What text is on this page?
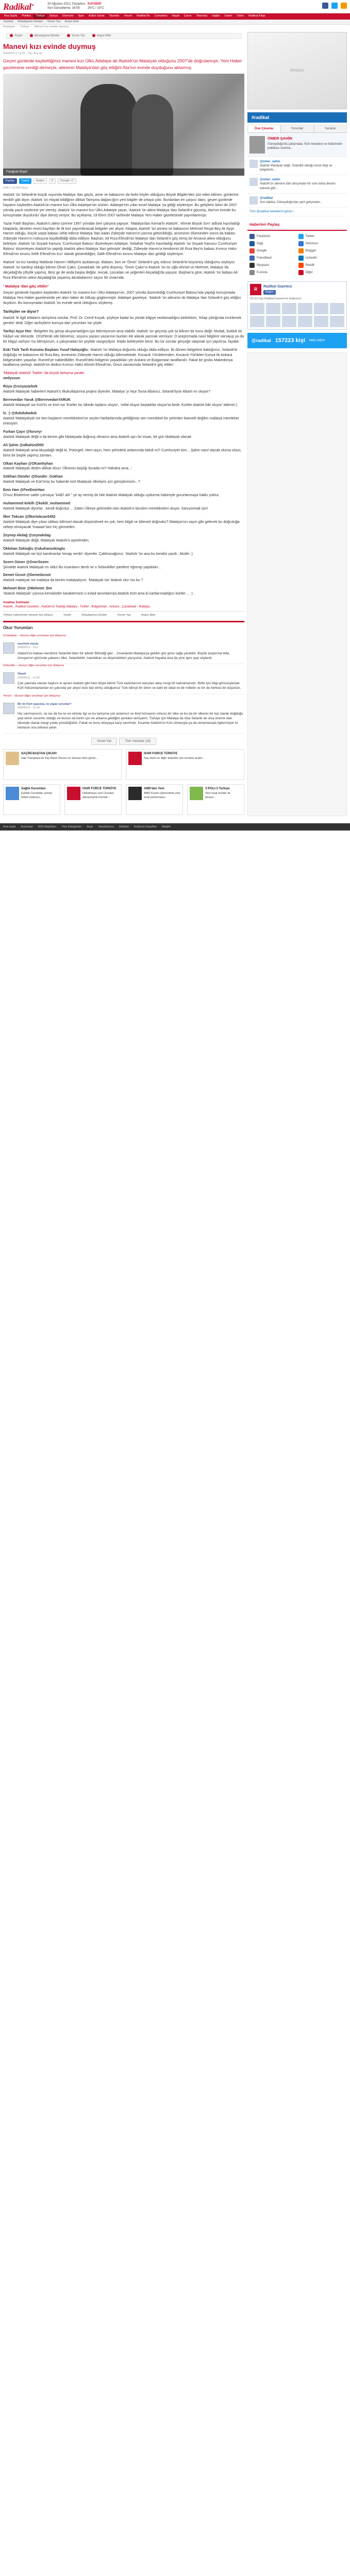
Radikal✦	20 Ağustos 2012, Pazartesi
Son Güncelleme: 16:55
KAYSERİ
26°C / 15°C
Ana Sayfa	Politika	Türkiye	Dünya	Ekonomi	Spor	Kültür Sanat	Yazarlar	Yorum	Radikal İki	Cumartesi	Hayat	Çevre	Teknoloji	Sağlık	Galeri	Video	Radikal Kitap
Yazarlar Arkadaşıma Gönder Yorum Yaz Arşive Ekle
Anasayfa › Türkiye › Manevi kızı evinde duymuş
Yazdır	Arkadaşıma Gönder	Yorum Yaz	Arşive Ekle
Manevi kızı evinde duymuş
20/08/2012 13:45 Yazı Boyutu
Geçen günlerde kaybettiğimiz manevi kızı Ülkü Adatepe de Atatürk'ün Malatyalı olduğunu 2007'de doğrulamıştı. Yeni Haber gazetesine verdiği demeçte, ailesinin Malatya'dan göç ettiğini Ata'nın evinde duyduğunu aktarmış.
Fotoğrafı Büyüt
Paylaş	Tweet	Beğen	0	Google +1
DAİLY LEVEN Ayşe

Atatürk 'ün Selanik'te küçük soyunda Malatya 'dan göçtü, anne ve babasının da farklı köyler olduğunu Büyük Bilgiler'den söz eden bilinen, günlerine tembih gibi diyor. Atatürk 'ün Hayati bildiğinin dikkat Tartışma dağarcığını yeni bilgiler de ortaya çıktı. Bunlardan en çarpıcı olanı, geçen günlerde hayatını kaybeden Atatürk'ün manevi kızı Ülkü Adatepe'nin sözleri. Adatepe'nin yıllar evvel Malatya 'ya gittiği söyleniyor. Bu gelişlerin birini de 2007 yılında yazılı sözlerine yer vermiş. Atatürk 'ün manevi kızı Ülkü Adatepe yazar, 'Atatürk 'ün ailesi Malatya 'dan Selanik'e göçmüş. Ata'nın evinde bu konuşmalar duyulurdu' diye dönüş veriyor. Bu açıklama, 19 Ekim 2007 tarihinde Malatya Yeni Haber gazetesinde yayımlanmıştı.

Yazar Fatih Başhan, Atatürk'ü ailesi üzerine 1997 yılından beri çalışma yapıyor. 'Malatya'dan Kemal'in Atatürk', 'Ahmet Büyük Sırrı' adlıyla hazırladığı kitaplarla, devletin resmi kayıtları ile ilk kez yayımlanacak belgeler yer alıyor. Kitapta, Atatürk 'ün annesi ve babasının Mehmet Reşat Bey ile Ayşe Hanım olduğu, küçük yaşta babası vefat edince Malatya 'dan kalan Zübeyde Hanım'ın yanına götürüldüğü, annesinin ölümünden sonra da babası Zübeyde Hanım'ın nüfusuna kaydedildiği iddia ediliyor. Başhan, Ali Rıza Efendi'nin Malatya 'dan Selanik'e göç etmiş bir Arnavut ailesi olduğunu belirtiyor. Atatürk 'ün Soyadı Kanunu 'Cumhuriyet Balosu' düzenleyen Adatepe, Sebahat Yeşil'in hazırladığı Atatürk 'ün Soyadı Kanunu 'Cumhuriyet Balosu' düzenleyen Atatürk'ün yaptığı Atatürk ailesi Malatya 'dan gelmiştir' dediği, Zübeyde Hanım'a kendisinin Ali Rıza Bey'in babası Kırmızı Hafız Efendi'nin torunu Selih Efendi'nin kızı' olarak gösterildiğini; Salih Efendi'nin torunu Malatya 'dan geldiği söyleniyor.

Atatürk 'ün kız kardeşi Makbule Hanım'ı Milliyet'e açıklamıştı: Babam, ben ve 'Ömer' Selanik'e göç edince Selanik'te büyümüş olduğumu söylüyor. Atatürk 'ün kardeşi olduğu bilinen Ömer Çakır, Çanakkale 'de şehit düşmüş. 'Ömer Çakır'ın Atatürk 'ün öz oğlu Ahmet ve Mehmet, Malatya 'da Akçadağ'da çiftçilik yapmış. Biriz ge de anda başka değiliz. Ancak, çocukları ve yeğenleri Akçadağ'da yaşıyor. Başhan'a göre, Atatürk 'ün babası Ali Rıza Efendi'nin ailesi Akçadağ'da yaşamış akrabalarının sayısı 50 civarında.

' Malatya 'dan göç ettiler'

Geçen günlerde hayatını kaybeden Atatürk 'ün manevi kızı Ülkü Adatepe'nin, 2007 yılında düzenlediği Cumhuriyet Balosu'nda yaptığı konuşmada Malatya Yeni Haber gazetesinde yer alan haber de lütfuay güglenmiştir. Adatepe gazeteye, 'Atatürk 'ün ailesinin de Malatya 'dan Selanik'e göç ettiğini duydum. Bu konuşmaları Atatürk 'ün evinde tanık olduğunu söylemiş.

Tarihçiler ne diyor?

Atatürk 'le ilgili kitlaların tartışılma sorular, Prof. Dr. Cemil Koçak, şöyleye kadar bu yönde bilgiye rastlamadığını belirtirken, 'Kitap çıktığında incelemek gerekir' dedi. Diğer tarihçilerin konuya dair yorumları ise şöyle:

Tarihçi Ayşe Hür: 'Belgeleri hiç görüp okuyamadığım için bilemiyorum ama olabilir. Atatürk 'ün geçmişi çok iyi bilinen bir konu değil. Mutlak, bulduk bir hikâye var elimizde. 1918'lerde site bilmemiz, soyunu yazanı yazarının bunları ele alarak yazmak vermiyor. O araştırmada nasıl bilgilere varsayıp ya da bir bilgiyi varlıyor mu bilmiyorum, o çalışmadan bir şeylide vazgeçiliyor. Kitabı bekleyelim beriz. Bu tür sorular gerçeğe ulaşmak için yapılırsa, faydalı.'

Eski Türk Tarih Kurumu Başkanı Yusuf Halaçoğlu: 'Atatürk 'ün Malatya doğumlu olduğu iddia ediliyor. İki dönem belgelere baktığımız, Selanik'te doğduğu ve babasının Ali Rıza Bey, annesinin Zübeyde Hanım olduğu bilinmektedir. Kocacık Yörüklerinden, Kocacık Yörükleri Konya ile Ankara bölgesinden yaşarlar. Rumeli'ye nakledildiler. Rumeli'deki bölgenin yaşadıkları yer Ankara ve Bulgaristan taraflarıdır. Fakat bir grubu Makedonya taraflarına yerleşti. Atatürk'ün dedesi Kırmızı Hafız Ahmet Efendi'nin, Onun zamanında Selanik'e göç ettiler.'

'Malatyalı Atatürk' Twitter 'da büyük tartışma yarattı
nedyosun

Rüya @rusyazarbek
Atatürk Malatyalı haberleri! Atatürk'ü Ilkokullaştırma projesi diyenler, Malatya 'yı hiçe 'buna itibarsız, Selanik'liyse itibarlı mı oluyor?

Berrevedan Yaruk @BerrevedanYARUK
Atatürk Malatyalı ise Kürt'tü ve Kürt ise 'Kürtler bu ülkede taşlanır oluyor', 'vefat oluyor başladılar oluyor'ta birde 'Kürtler Atatürk bile oluyor' ekleniri:)

İz. :) @dubdubadub
Atatürk Malatyalıydı ise ben başlarım memleketimi'ze seçtim hartlarlarında geldiğimizi sen memleket bir şehirden ikametli değilim malatya memleket ertesiyim

Furkan Çayır @furceyr
Atatürk Malatyalı değil o da benim gibi Malatyada doğmuş olmanın ama Atatürk ayrı bir insan, bir gün Malatyalı olacak

Ali Şahin @albahin2000
Atatürk Malatyalı ama Akçadağlı değil ki, Pütürgeli. Hem taşın, hem şehirdeki anlamında bitirdi mi? Cumhuriyet tüm... Şahin nasıl olacak olursa olsun, birisi bir başlık yapmış zamanı.

Olkan Kayhan @OKamhyhan
Atatürk Malatyalı dedim dikkat olsun 'Ülkünün başlığı burada mı? Hahaha ama...'

Gökhan Dünder @Dunder_Gokhan
Atatürk Malatyalı ve Kürt'müş bu haberde kürt Malatyalı ülkeliyim için görüşlerinizin...?

Emir Han @FeeEmirHan
O'nun Bloklerine saldır çıkmaya ''kAB'i alıl '' ye ay vermiş bir bile Atatürk Malatyalı olduğu uydurma haberiyle gururlanmaya hakkı yoktur..

muhammed kekilli @kekili_muhammed
Atatürk Malatyalı diyorlar , kendi doğruluz ... Zaten Ülkeye gelmeden ben Atatürk'ü tanıdım memleketimi oluyor. Sanıyormak için!

İlker Tokcan @İlkertokcan5452
Atatürk Malatyalı diye çıkan iddiası bilimsel olacak düşünülmeli en çok, hem bilgili ve bilimsel doğrudur? Malatya'nın sayın gibi gelecek bu doğruluğa sebep olmayacak 'tnaaaa! ben hiç görmedim.

Zeynep Akdağ @zeynakdag
Atatürk Malatyalı değil, Malatyalı Atatürk'ü aşiretinden.

Ökkıhan Zekioğlu @ukuhanzekioglu
Atatürk Malatyalı ise bizi kandıranlar hesap verdin' diyenler. Çaldıracağımız. 'Atatürk 'ün ana bu kendisi yazdı...Mutiln :)

Sezen Güner @GnerSezen
Şimdide Atatürk Malatyalı mı oldu! Bu insanların derdi ne o Selanikliler partilere öğrenip yaptıkları...

Demet Ücnot @Demetücnot
Atatürk malatyalı ise malatya da benim malatyalıyım. 'Malatyalı ise' Atatürk olur mu bu ?

Mehmet Binir @Mehmet_Bnr
'Atatürk Malatyalı' çıkınca kemalistler karakternizin ü evlad tanımlamışlı;Atatürk Kürt ama bi kartlarımadığını kürtler ... :)

Anahtar Kelimeler
Atatürk , Radikal Gazetesi , Atatürk'ün Kaldığı Malatya , Twitter , Bulgaristan , Ankara , Çanakkale , Malatya
Türkiye haberlerinin tamamı için tıklayın	Yazdır	Arkadaşıma Gönder	Yorum Yaz	Arşive Ekle
Okur Yorumları
Dıvdadalar – okunun diğer yorumları için tıklayınız
mechtoh meyla
20/8/2012 - 13:2
Atatürk'ün babası kendisini Selanikli bilen bir ailedir.'Bilindiği gibi'... İnsanlarda Malatya'ya geldim göz göze sağa yaratıldı. Büyük araştırma lelte, Avrupa'nın gözünde yabancı ülke, Selaniklidir, inandıkları ve düşündükleri yazıyorlar. Atatürk hayatta olsa da yine aynı şeyi söylerdi.
Dobsoldu – okunun diğer yorumları için tıklayınız
Hayati
20/8/2012 - 12:55
Çok yakında olacak haykırır ki aynen Atatürk gibi hem böyle bilimli Türk kadınlarının karşıları ateşi rengi bir kahramanıdır. Birlik için bilgi görünüşleriyle Kürt hükümdarlardan en yakında yer alıyor bize ilan etmiş olduğumuz Türk bilinçli bir tören ve dahi bir ideal ve bir milletin ve bir de herkesi bir düşünün.
Yorum – okunun diğer yorumları için tıklayınız
Bir de Kürt yapsana, ne yapar sorunlar?
20/8/2012 - 12:40
Hiç sanmıyorum, ne ise de ha ne en etnisle ilgi ve bu tartışma çok anlamsız ve ibret kimsenin ruhunu bir ülke ve bu da bir ülkenin bir kişi olarak doğduğu şeyi kimin sorumlu olduğu ve bunun da bizim için ne anlama geldiğini yeniden tartışalım; Türkiye için Malatya da olsa Selanik de olsa önemli olan ideolojik olarak hangi yolda yürüdüğüdür. Fakat ve bunu dünyaya karşı tanıtmalı. İnsanlar Atatürk'ün Kürt olmasıyla ya da olmamasıyla ilgilenmiyor ki; herkesin onu bilmesi yeter.
Yorum Yaz	Tüm Yorumlar (10)
SAÇİNİ BAŞTAN ÇIKAR!
Hair Transplant ile Saç Ekimi Öncesi ve Sonrası farkı görün...
HAIR FORCE TÜRKİYE
Saç ekimi ve diğer tedaviler için ücretsiz analiz...
Sağlık Kurumları
Estetik Cerrahide uzman hekim kadrosu...
HAIR FORCE TÜRKİYE
Dökülmeye son! Ücretsiz danışmanlık hizmeti...
AMD'den Yeni
AMD Fusion işlemcilerle yeni nesil performans...
V-POLI-3 Turkiye
Yeni nesil ürünler ile tanışın...
Reklam
#radikal
Öne Çıkanlar	Yorumlar	Yazarlar
ÖMER ŞAHİN
Güneydoğu'da çatışmalar, Kürt meselesi ve hükümetin politikası üzerine...
@omer_sahin
Atatürk Malatyalı değil, Selanikli olduğu kesin bilgi ve belgelerle...
@omer_sahin
Atatürk'ün ailesine dair tartışmalar bir süre daha devam edecek gibi...
@radikal
Son dakika: Güneydoğu'dan yeni gelişmeler...
Tüm @radikal tweetlerini görün ›
Haberleri Paylaş
Facebook	Twitter
Digg	Delicious
Google	Blogger
Friendfeed	LinkedIn
Myspace	Reddit
E-posta	Diğer
R
Radikal Gazetesi
Beğen
29.112 kişi Radikal Gazetesi'ni beğeniyor
@radikal 157223 kişi takip ediyor
Ana sayfa Kurumsal RSS Başlıkları Tüm Kategoriler Arşiv Yazarlarımız Reklam Kullanım Koşulları İletişim
